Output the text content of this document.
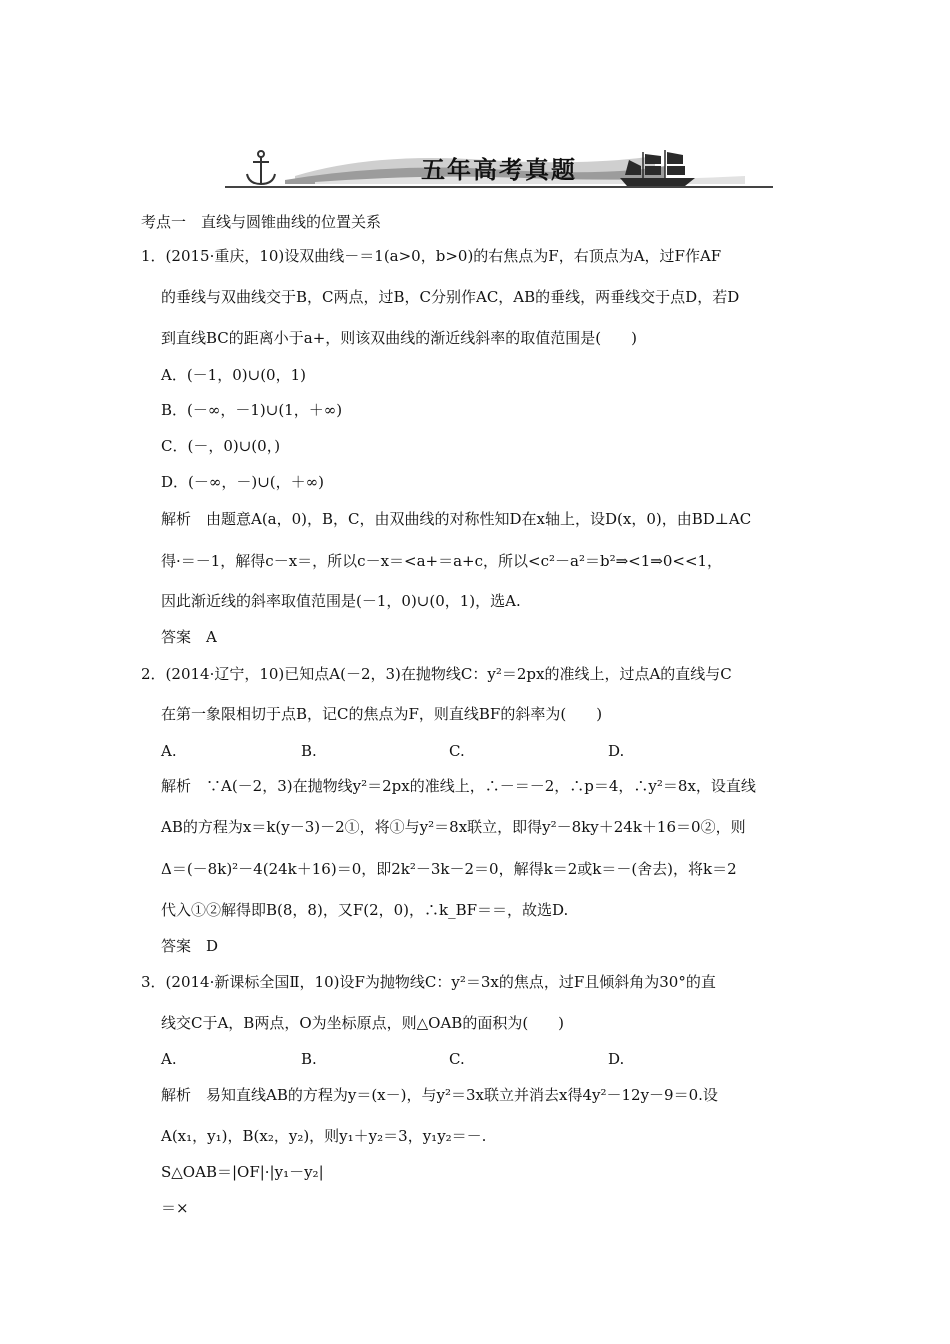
五年高考真题
考点一　直线与圆锥曲线的位置关系
1．(2015·重庆，10)设双曲线－＝1(a>0，b>0)的右焦点为F，右顶点为A，过F作AF
的垂线与双曲线交于B，C两点，过B，C分别作AC，AB的垂线，两垂线交于点D，若D
到直线BC的距离小于a+，则该双曲线的渐近线斜率的取值范围是(　　)
A．(－1，0)∪(0，1)
B．(－∞，－1)∪(1，＋∞)
C．(－，0)∪(0，)
D．(－∞，－)∪(，＋∞)
解析　由题意A(a，0)，B，C，由双曲线的对称性知D在x轴上，设D(x，0)，由BD⊥AC
得·＝－1，解得c－x＝，所以c－x＝<a+＝a+c，所以<c²－a²＝b²⇒<1⇒0<<1，
因此渐近线的斜率取值范围是(－1，0)∪(0，1)，选A.
答案　A
2．(2014·辽宁，10)已知点A(－2，3)在抛物线C：y²＝2px的准线上，过点A的直线与C
在第一象限相切于点B，记C的焦点为F，则直线BF的斜率为(　　)
A.	B.	C.	D.
解析　∵A(－2，3)在抛物线y²＝2px的准线上，∴－＝－2，∴p＝4，∴y²＝8x，设直线
AB的方程为x＝k(y－3)－2①，将①与y²＝8x联立，即得y²－8ky＋24k＋16＝0②，则
Δ＝(－8k)²－4(24k＋16)＝0，即2k²－3k－2＝0，解得k＝2或k＝－(舍去)，将k＝2
代入①②解得即B(8，8)，又F(2，0)，∴k_BF＝＝，故选D.
答案　D
3．(2014·新课标全国Ⅱ，10)设F为抛物线C：y²＝3x的焦点，过F且倾斜角为30°的直
线交C于A，B两点，O为坐标原点，则△OAB的面积为(　　)
A.	B.	C.	D.
解析　易知直线AB的方程为y＝(x－)，与y²＝3x联立并消去x得4y²－12y－9＝0.设
A(x₁，y₁)，B(x₂，y₂)，则y₁＋y₂＝3，y₁y₂＝－.
S△OAB＝|OF|·|y₁－y₂|
＝×
